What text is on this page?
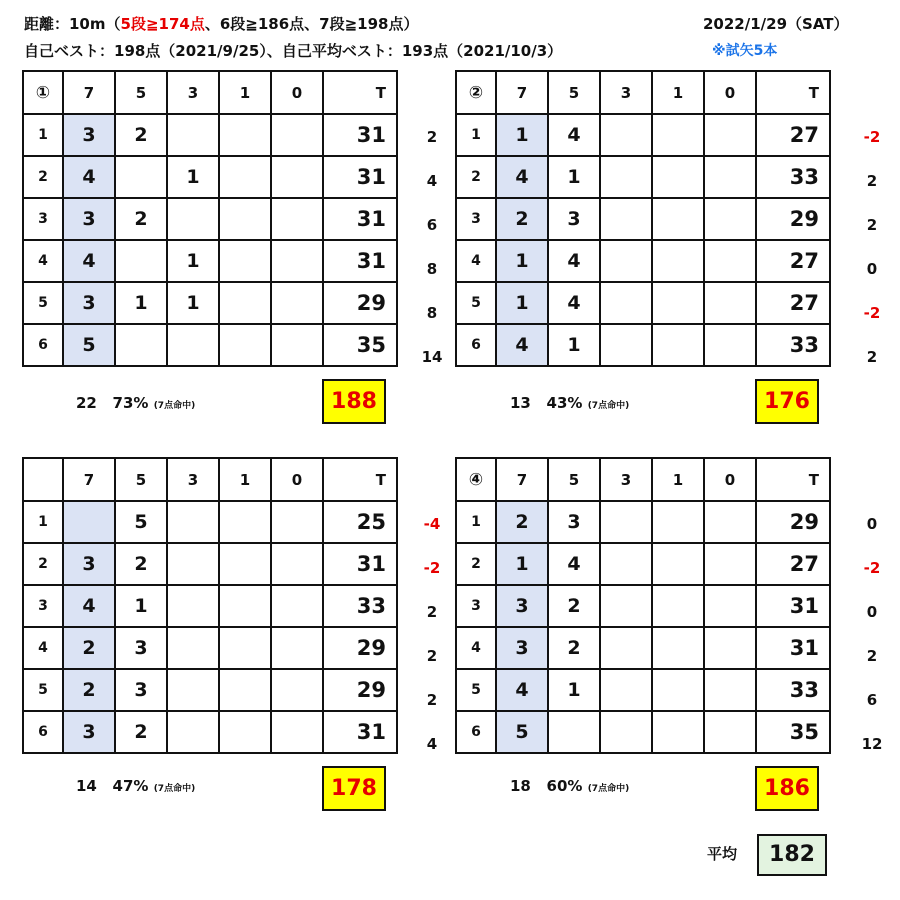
距離：10m（5段≧174点、6段≧186点、7段≧198点）
自己ベスト：198点（2021/9/25）、自己平均ベスト：193点（2021/10/3）
2022/1/29（SAT）
※試矢5本
2
4
6
8
8
14
①	7	5	3	1	0	T
1	3	2				31
2	4		1			31
3	3	2				31
4	4		1			31
5	3	1	1			29
6	5					35
22 73% (7点命中)	188
-2
2
2
0
-2
2
②	7	5	3	1	0	T
1	1	4				27
2	4	1				33
3	2	3				29
4	1	4				27
5	1	4				27
6	4	1				33
13 43% (7点命中)	176
-4
-2
2
2
2
4
	7	5	3	1	0	T
1		5				25
2	3	2				31
3	4	1				33
4	2	3				29
5	2	3				29
6	3	2				31
14 47% (7点命中)	178
0
-2
0
2
6
12
④	7	5	3	1	0	T
1	2	3				29
2	1	4				27
3	3	2				31
4	3	2				31
5	4	1				33
6	5					35
18 60% (7点命中)	186
平均	182
